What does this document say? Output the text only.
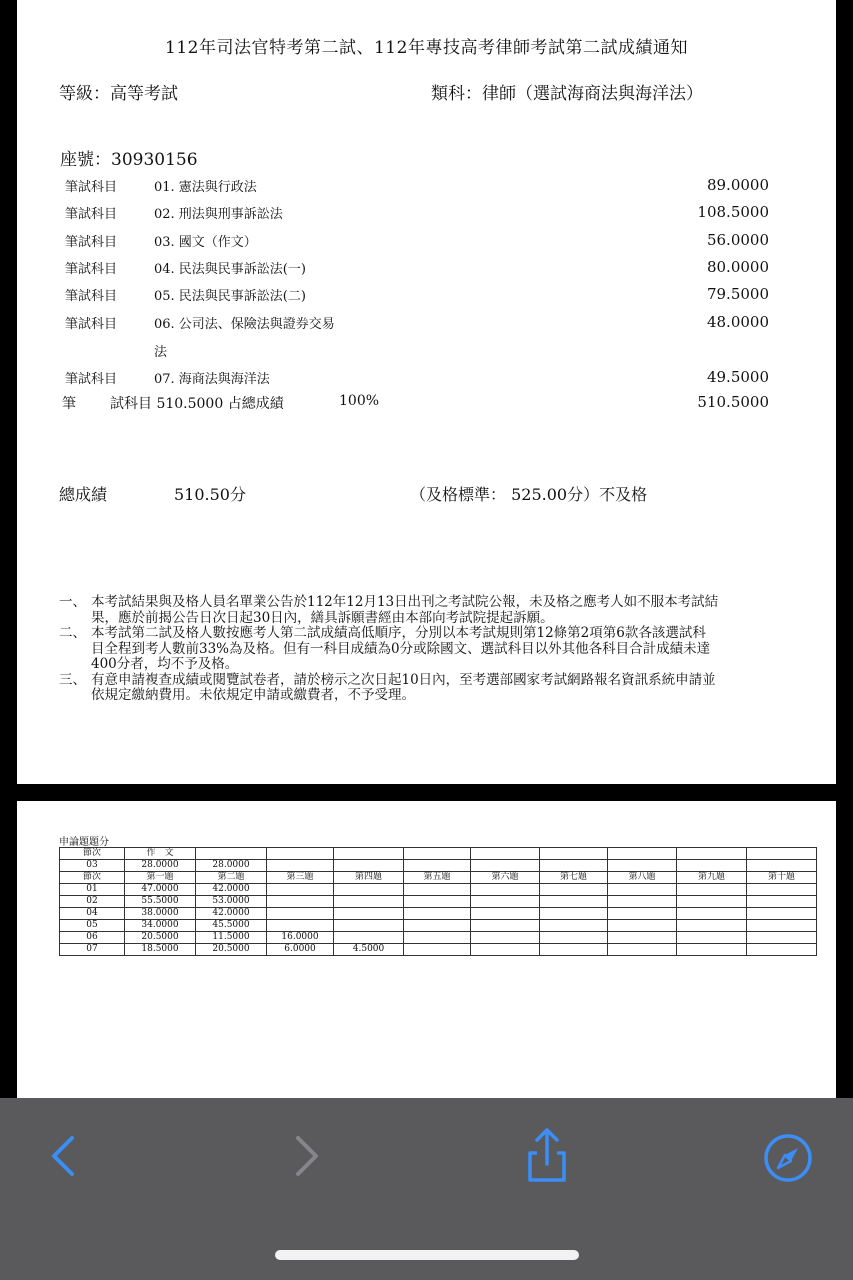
112年司法官特考第二試、112年專技高考律師考試第二試成績通知
等級：高等考試	類科：律師（選試海商法與海洋法）
座號：30930156
筆試科目	01. 憲法與行政法	89.0000
筆試科目	02. 刑法與刑事訴訟法	108.5000
筆試科目	03. 國文（作文）	56.0000
筆試科目	04. 民法與民事訴訟法(一)	80.0000
筆試科目	05. 民法與民事訴訟法(二)	79.5000
筆試科目	06. 公司法、保險法與證券交易	48.0000
法
筆試科目	07. 海商法與海洋法	49.5000
筆 試科目 510.5000 占總成績	100%	510.5000
總成績	510.50分	（及格標準： 525.00分）不及格
一、 本考試結果與及格人員名單業公告於112年12月13日出刊之考試院公報，未及格之應考人如不服本考試結果，應於前揭公告日次日起30日內，繕具訴願書經由本部向考試院提起訴願。
二、 本考試第二試及格人數按應考人第二試成績高低順序，分別以本考試規則第12條第2項第6款各該選試科目全程到考人數前33%為及格。但有一科目成績為0分或除國文、選試科目以外其他各科目合計成績未達400分者，均不予及格。
三、 有意申請複查成績或閱覽試卷者，請於榜示之次日起10日內，至考選部國家考試網路報名資訊系統申請並依規定繳納費用。未依規定申請或繳費者，不予受理。
申論題題分
節次	作　文									
03	28.0000	28.0000								
節次	第一題	第二題	第三題	第四題	第五題	第六題	第七題	第八題	第九題	第十題
01	47.0000	42.0000								
02	55.5000	53.0000								
04	38.0000	42.0000								
05	34.0000	45.5000								
06	20.5000	11.5000	16.0000							
07	18.5000	20.5000	6.0000	4.5000						
